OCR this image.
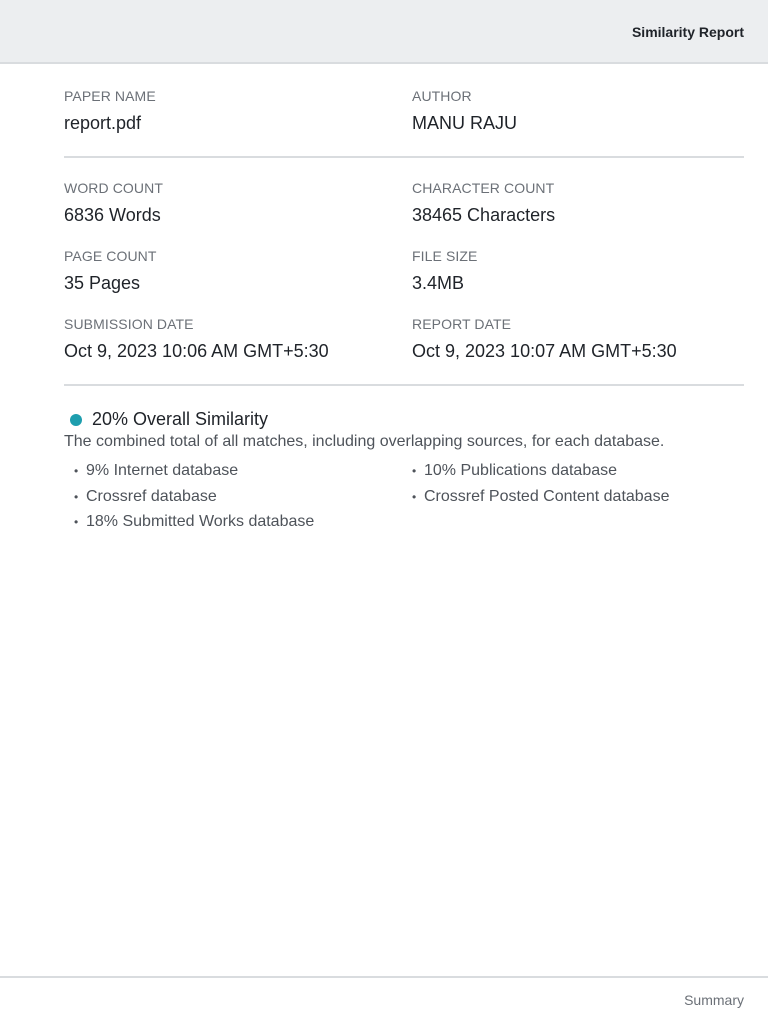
Similarity Report
PAPER NAME
report.pdf
AUTHOR
MANU RAJU
WORD COUNT
6836 Words
CHARACTER COUNT
38465 Characters
PAGE COUNT
35 Pages
FILE SIZE
3.4MB
SUBMISSION DATE
Oct 9, 2023 10:06 AM GMT+5:30
REPORT DATE
Oct 9, 2023 10:07 AM GMT+5:30
20% Overall Similarity
The combined total of all matches, including overlapping sources, for each database.
• 9% Internet database
• Crossref database
• 18% Submitted Works database
• 10% Publications database
• Crossref Posted Content database
Summary
